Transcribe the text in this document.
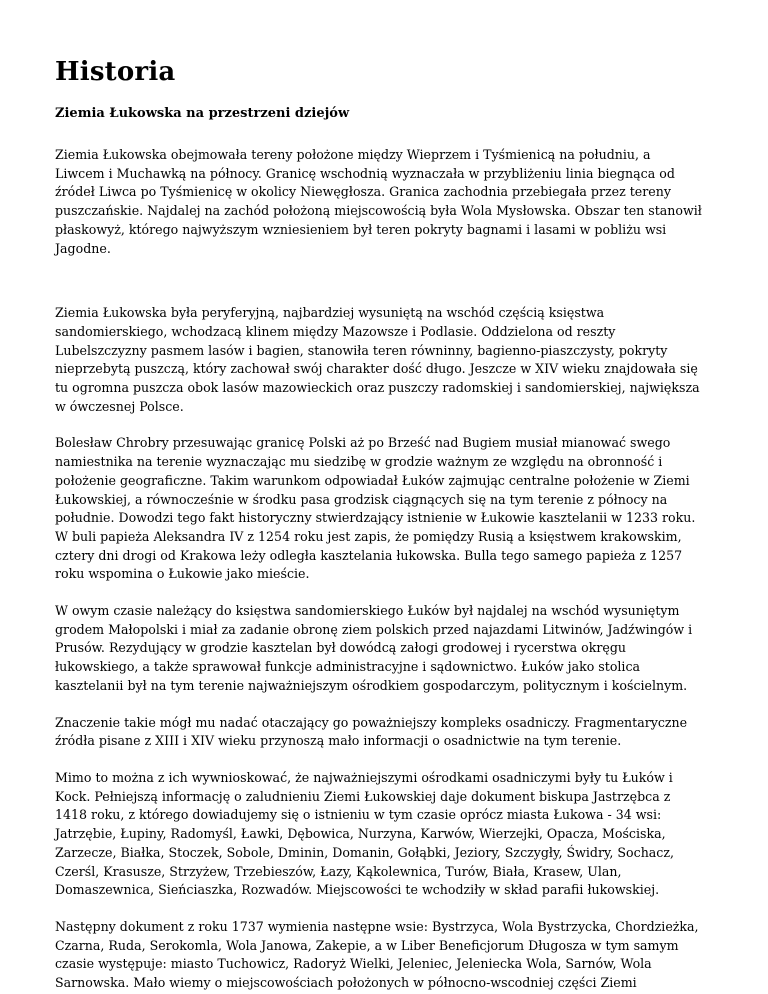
Historia
Ziemia Łukowska na przestrzeni dziejów

Ziemia Łukowska obejmowała tereny położone między Wieprzem i Tyśmienicą na południu, a
Liwcem i Muchawką na północy. Granicę wschodnią wyznaczała w przybliżeniu linia biegnąca od
źródeł Liwca po Tyśmienicę w okolicy Niewęgłosza. Granica zachodnia przebiegała przez tereny
puszczańskie. Najdalej na zachód położoną miejscowością była Wola Mysłowska. Obszar ten stanowił
płaskowyż, którego najwyższym wzniesieniem był teren pokryty bagnami i lasami w pobliżu wsi
Jagodne.

Ziemia Łukowska była peryferyjną, najbardziej wysuniętą na wschód częścią księstwa
sandomierskiego, wchodzacą klinem między Mazowsze i Podlasie. Oddzielona od reszty
Lubelszczyzny pasmem lasów i bagien, stanowiła teren równinny, bagienno-piaszczysty, pokryty
nieprzebytą puszczą, który zachował swój charakter dość długo. Jeszcze w XIV wieku znajdowała się
tu ogromna puszcza obok lasów mazowieckich oraz puszczy radomskiej i sandomierskiej, największa
w ówczesnej Polsce.

Bolesław Chrobry przesuwając granicę Polski aż po Brześć nad Bugiem musiał mianować swego
namiestnika na terenie wyznaczając mu siedzibę w grodzie ważnym ze względu na obronność i
położenie geograficzne. Takim warunkom odpowiadał Łuków zajmując centralne położenie w Ziemi
Łukowskiej, a równocześnie w środku pasa grodzisk ciągnących się na tym terenie z północy na
południe. Dowodzi tego fakt historyczny stwierdzający istnienie w Łukowie kasztelanii w 1233 roku.
W buli papieża Aleksandra IV z 1254 roku jest zapis, że pomiędzy Rusią a księstwem krakowskim,
cztery dni drogi od Krakowa leży odległa kasztelania łukowska. Bulla tego samego papieża z 1257
roku wspomina o Łukowie jako mieście.

W owym czasie należący do księstwa sandomierskiego Łuków był najdalej na wschód wysuniętym
grodem Małopolski i miał za zadanie obronę ziem polskich przed najazdami Litwinów, Jadźwingów i
Prusów. Rezydujący w grodzie kasztelan był dowódcą załogi grodowej i rycerstwa okręgu
łukowskiego, a także sprawował funkcje administracyjne i sądownictwo. Łuków jako stolica
kasztelanii był na tym terenie najważniejszym ośrodkiem gospodarczym, politycznym i kościelnym.

Znaczenie takie mógł mu nadać otaczający go poważniejszy kompleks osadniczy. Fragmentaryczne
źródła pisane z XIII i XIV wieku przynoszą mało informacji o osadnictwie na tym terenie.

Mimo to można z ich wywnioskować, że najważniejszymi ośrodkami osadniczymi były tu Łuków i
Kock. Pełniejszą informację o zaludnieniu Ziemi Łukowskiej daje dokument biskupa Jastrzębca z
1418 roku, z którego dowiadujemy się o istnieniu w tym czasie oprócz miasta Łukowa - 34 wsi:
Jatrzębie, Łupiny, Radomyśl, Ławki, Dębowica, Nurzyna, Karwów, Wierzejki, Opacza, Mościska,
Zarzecze, Białka, Stoczek, Sobole, Dminin, Domanin, Gołąbki, Jeziory, Szczygły, Świdry, Sochacz,
Czerśl, Krasusze, Strzyżew, Trzebieszów, Łazy, Kąkolewnica, Turów, Biała, Krasew, Ulan,
Domaszewnica, Sieńciaszka, Rozwadów. Miejscowości te wchodziły w skład parafii łukowskiej.

Następny dokument z roku 1737 wymienia następne wsie: Bystrzyca, Wola Bystrzycka, Chordzieżka,
Czarna, Ruda, Serokomla, Wola Janowa, Zakepie, a w Liber Beneficjorum Długosza w tym samym
czasie występuje: miasto Tuchowicz, Radoryż Wielki, Jeleniec, Jeleniecka Wola, Sarnów, Wola
Sarnowska. Mało wiemy o miejscowościach położonych w północno-wscodniej części Ziemi
